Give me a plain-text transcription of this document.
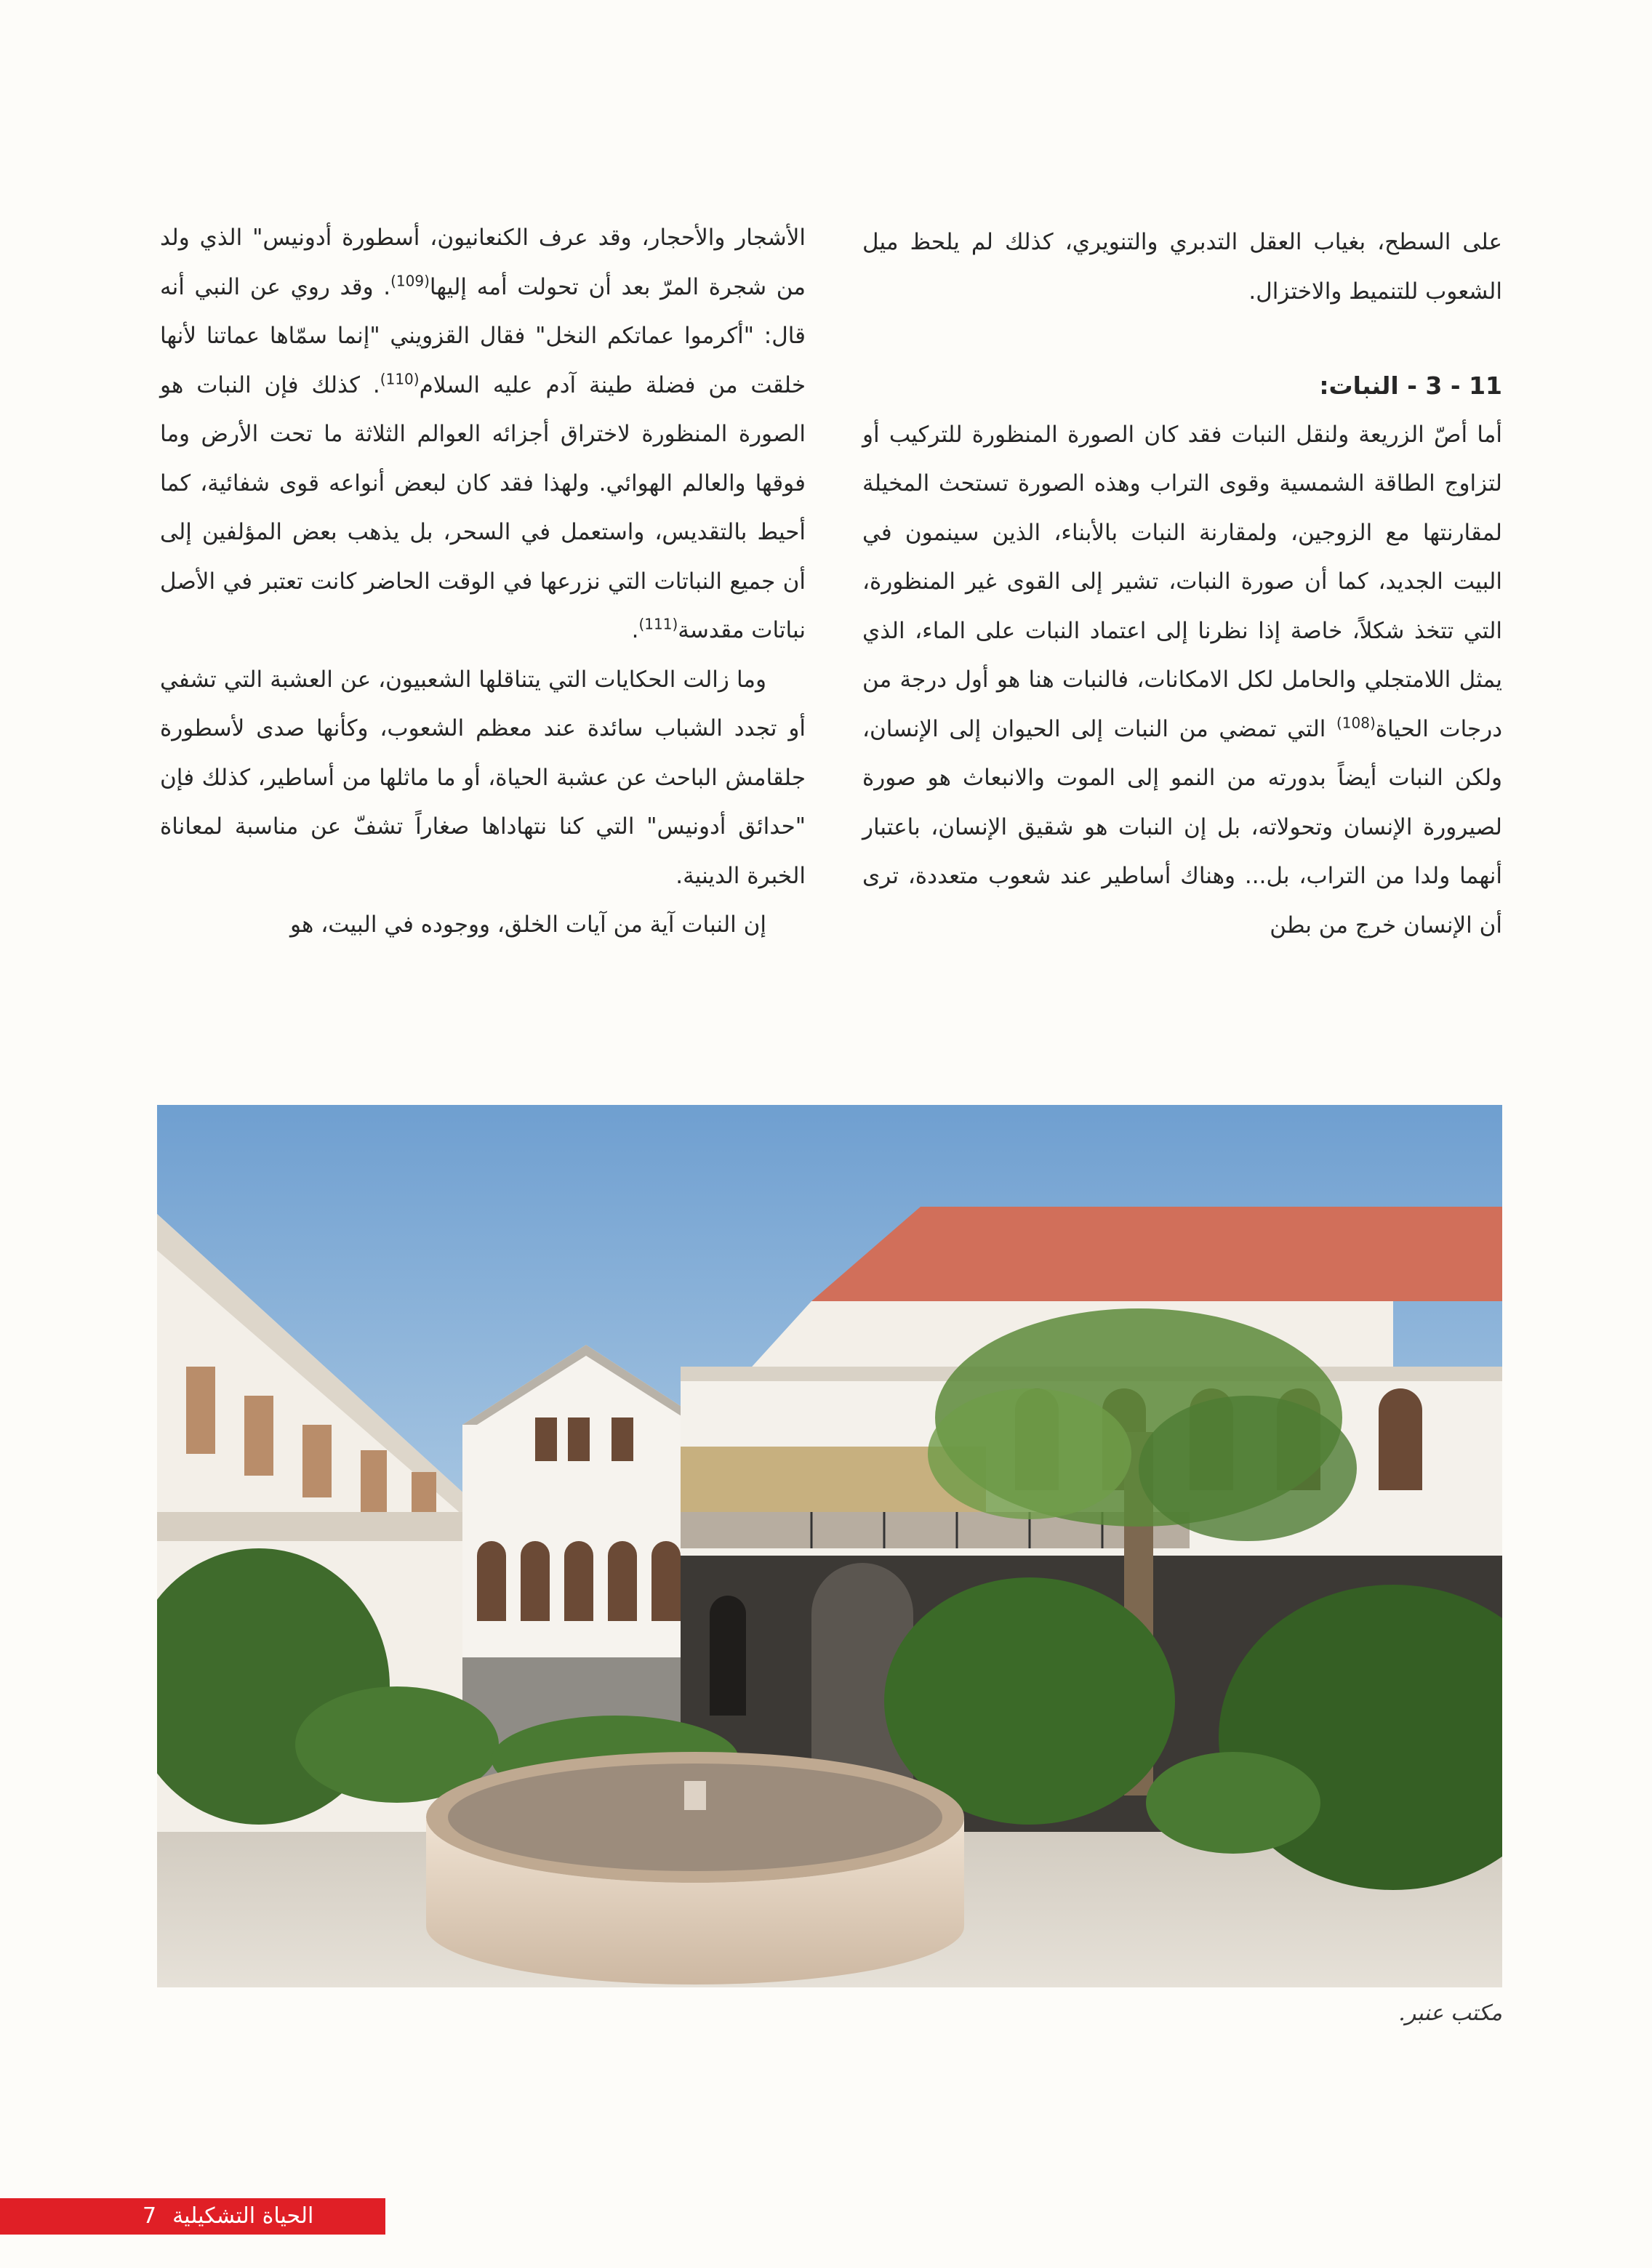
على السطح، بغياب العقل التدبري والتنويري، كذلك لم يلحظ ميل الشعوب للتنميط والاختزال.

11 - 3 - النبات:

أما أصّ الزريعة ولنقل النبات فقد كان الصورة المنظورة للتركيب أو لتزاوج الطاقة الشمسية وقوى التراب وهذه الصورة تستحث المخيلة لمقارنتها مع الزوجين، ولمقارنة النبات بالأبناء، الذين سينمون في البيت الجديد، كما أن صورة النبات، تشير إلى القوى غير المنظورة، التي تتخذ شكلاً، خاصة إذا نظرنا إلى اعتماد النبات على الماء، الذي يمثل اللامتجلي والحامل لكل الامكانات، فالنبات هنا هو أول درجة من درجات الحياة$^{(108)}$ التي تمضي من النبات إلى الحيوان إلى الإنسان، ولكن النبات أيضاً بدورته من النمو إلى الموت والانبعاث هو صورة لصيرورة الإنسان وتحولاته، بل إن النبات هو شقيق الإنسان، باعتبار أنهما ولدا من التراب، بل... وهناك أساطير عند شعوب متعددة، ترى أن الإنسان خرج من بطن

الأشجار والأحجار، وقد عرف الكنعانيون، أسطورة أدونيس" الذي ولد من شجرة المرّ بعد أن تحولت أمه إليها$^{(109)}$. وقد روي عن النبي أنه قال: "أكرموا عماتكم النخل" فقال القزويني "إنما سمّاها عماتنا لأنها خلقت من فضلة طينة آدم عليه السلام$^{(110)}$. كذلك فإن النبات هو الصورة المنظورة لاختراق أجزائه العوالم الثلاثة ما تحت الأرض وما فوقها والعالم الهوائي. ولهذا فقد كان لبعض أنواعه قوى شفائية، كما أحيط بالتقديس، واستعمل في السحر، بل يذهب بعض المؤلفين إلى أن جميع النباتات التي نزرعها في الوقت الحاضر كانت تعتبر في الأصل نباتات مقدسة$^{(111)}$.

وما زالت الحكايات التي يتناقلها الشعبيون، عن العشبة التي تشفي أو تجدد الشباب سائدة عند معظم الشعوب، وكأنها صدى لأسطورة جلقامش الباحث عن عشبة الحياة، أو ما ماثلها من أساطير، كذلك فإن "حدائق أدونيس" التي كنا نتهاداها صغاراً تشفّ عن مناسبة لمعاناة الخبرة الدينية.

إن النبات آية من آيات الخلق، ووجوده في البيت، هو

مكتب عنبر.
الحياة التشكيلية7
